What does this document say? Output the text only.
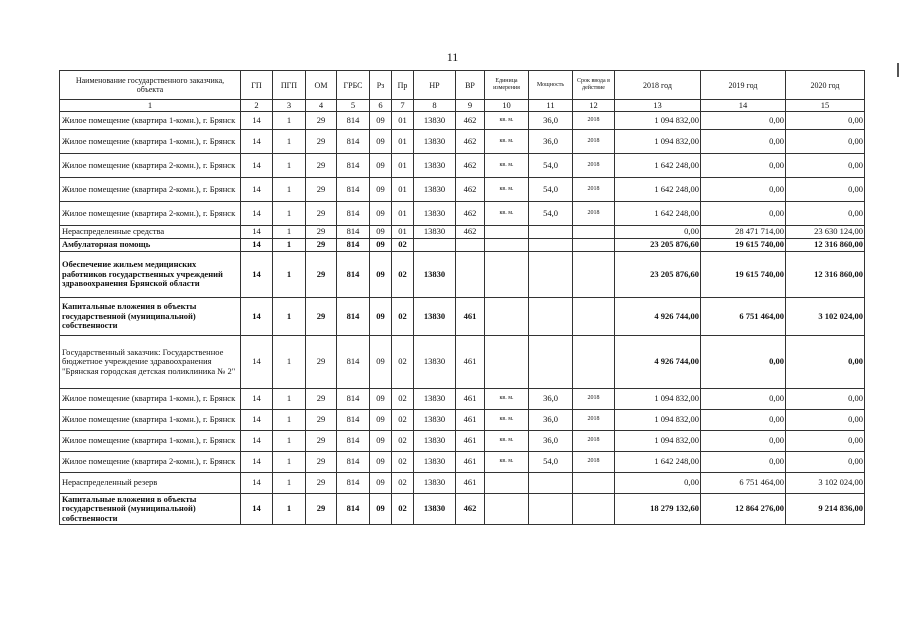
11
Наименование государственного заказчика, объекта	ГП	ПГП	ОМ	ГРБС	Рз	Пр	НР	ВР	Единица измерения	Мощность	Срок ввода в действие	2018 год	2019 год	2020 год
1	2	3	4	5	6	7	8	9	10	11	12	13	14	15
Жилое помещение (квартира 1-комн.), г. Брянск	14	1	29	814	09	01	13830	462	кв. м.	36,0	2018	1 094 832,00	0,00	0,00
Жилое помещение (квартира 1-комн.), г. Брянск	14	1	29	814	09	01	13830	462	кв. м.	36,0	2018	1 094 832,00	0,00	0,00
Жилое помещение (квартира 2-комн.), г. Брянск	14	1	29	814	09	01	13830	462	кв. м.	54,0	2018	1 642 248,00	0,00	0,00
Жилое помещение (квартира 2-комн.), г. Брянск	14	1	29	814	09	01	13830	462	кв. м.	54,0	2018	1 642 248,00	0,00	0,00
Жилое помещение (квартира 2-комн.), г. Брянск	14	1	29	814	09	01	13830	462	кв. м.	54,0	2018	1 642 248,00	0,00	0,00
Нераспределенные средства	14	1	29	814	09	01	13830	462				0,00	28 471 714,00	23 630 124,00
Амбулаторная помощь	14	1	29	814	09	02						23 205 876,60	19 615 740,00	12 316 860,00
Обеспечение жильем медицинских работников государственных учреждений здравоохранения Брянской области	14	1	29	814	09	02	13830					23 205 876,60	19 615 740,00	12 316 860,00
Капитальные вложения в объекты государственной (муниципальной) собственности	14	1	29	814	09	02	13830	461				4 926 744,00	6 751 464,00	3 102 024,00
Государственный заказчик: Государственное бюджетное учреждение здравоохранения "Брянская городская детская поликлиника № 2"	14	1	29	814	09	02	13830	461				4 926 744,00	0,00	0,00
Жилое помещение (квартира 1-комн.), г. Брянск	14	1	29	814	09	02	13830	461	кв. м.	36,0	2018	1 094 832,00	0,00	0,00
Жилое помещение (квартира 1-комн.), г. Брянск	14	1	29	814	09	02	13830	461	кв. м.	36,0	2018	1 094 832,00	0,00	0,00
Жилое помещение (квартира 1-комн.), г. Брянск	14	1	29	814	09	02	13830	461	кв. м.	36,0	2018	1 094 832,00	0,00	0,00
Жилое помещение (квартира 2-комн.), г. Брянск	14	1	29	814	09	02	13830	461	кв. м.	54,0	2018	1 642 248,00	0,00	0,00
Нераспределенный резерв	14	1	29	814	09	02	13830	461				0,00	6 751 464,00	3 102 024,00
Капитальные вложения в объекты государственной (муниципальной) собственности	14	1	29	814	09	02	13830	462				18 279 132,60	12 864 276,00	9 214 836,00
